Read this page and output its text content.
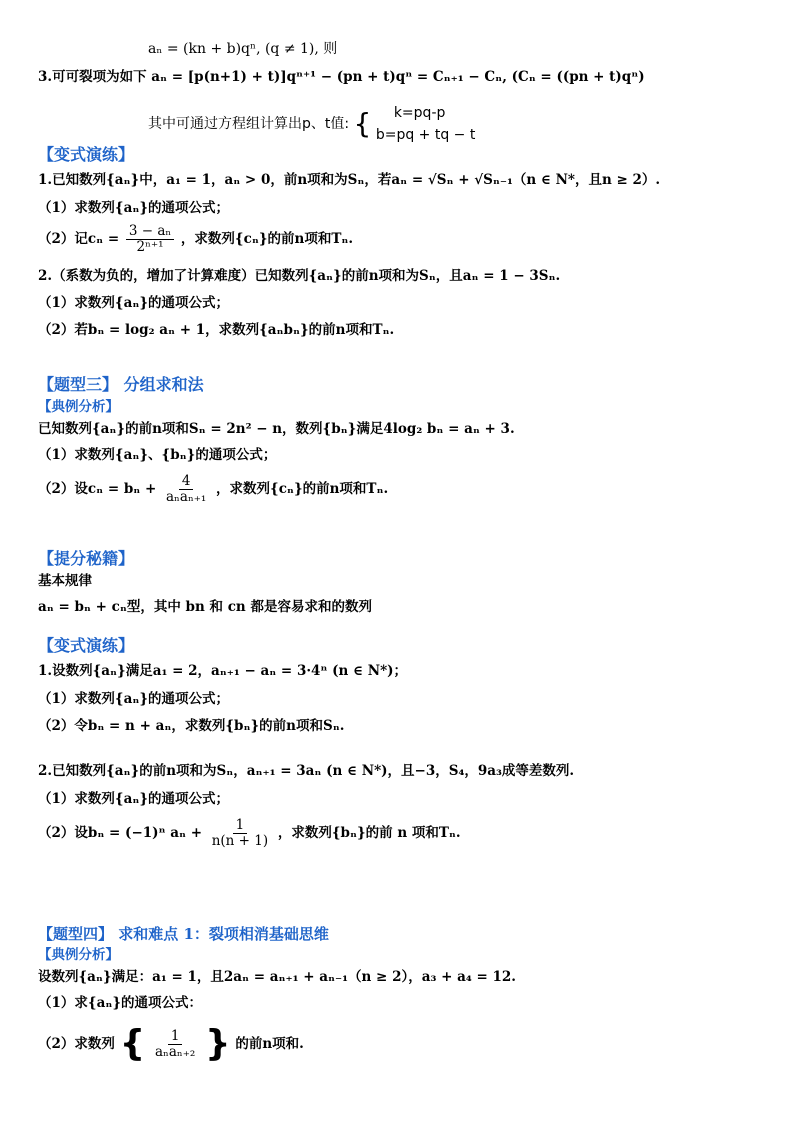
aₙ = (kn + b)qⁿ, (q ≠ 1), 则
3.可可裂项为如下 aₙ = [p(n+1) + t)]qⁿ⁺¹ − (pn + t)qⁿ = Cₙ₊₁ − Cₙ, (Cₙ = ((pn + t)qⁿ)
其中可通过方程组计算出p、t值: {	k=pq-p
b=pq + tq − t
【变式演练】
1.已知数列{aₙ}中，a₁ = 1，aₙ > 0，前n项和为Sₙ，若aₙ = √Sₙ + √Sₙ₋₁（n ∈ N*，且n ≥ 2）.
（1）求数列{aₙ}的通项公式；
（2）记$c_n = \frac{\text{3 − aₙ}}{\text{2ⁿ⁺¹}}$ ，求数列{cₙ}的前n项和Tₙ.
2.（系数为负的，增加了计算难度）已知数列{aₙ}的前n项和为Sₙ，且aₙ = 1 − 3Sₙ.
（1）求数列{aₙ}的通项公式；
（2）若bₙ = log₂ aₙ + 1，求数列{aₙbₙ}的前n项和Tₙ.
【题型三】 分组求和法
【典例分析】
已知数列{aₙ}的前n项和Sₙ = 2n² − n，数列{bₙ}满足4log₂ bₙ = aₙ + 3.
（1）求数列{aₙ}、{bₙ}的通项公式；
（2）设$c_n = b_n + \frac{4}{\text{aₙaₙ₊₁}}$ ，求数列{cₙ}的前n项和Tₙ.
【提分秘籍】
基本规律
aₙ = bₙ + cₙ型，其中 bn 和 cn 都是容易求和的数列
【变式演练】
1.设数列{aₙ}满足a₁ = 2，aₙ₊₁ − aₙ = 3·4ⁿ (n ∈ N*)；
（1）求数列{aₙ}的通项公式；
（2）令bₙ = n + aₙ，求数列{bₙ}的前n项和Sₙ.
2.已知数列{aₙ}的前n项和为Sₙ，aₙ₊₁ = 3aₙ (n ∈ N*)，且−3，S₄，9a₃成等差数列.
（1）求数列{aₙ}的通项公式；
（2）设bₙ = (−1)ⁿ $a_n + \frac{1}{n(n + 1)}$ ，求数列{bₙ}的前 n 项和Tₙ.
【题型四】 求和难点 1：裂项相消基础思维
【典例分析】
设数列{aₙ}满足：a₁ = 1，且2aₙ = aₙ₊₁ + aₙ₋₁（n ≥ 2），a₃ + a₄ = 12.
（1）求{aₙ}的通项公式：
（2）求数列 { $\frac{1}{\text{aₙaₙ₊₂}}$ } 的前n项和.
